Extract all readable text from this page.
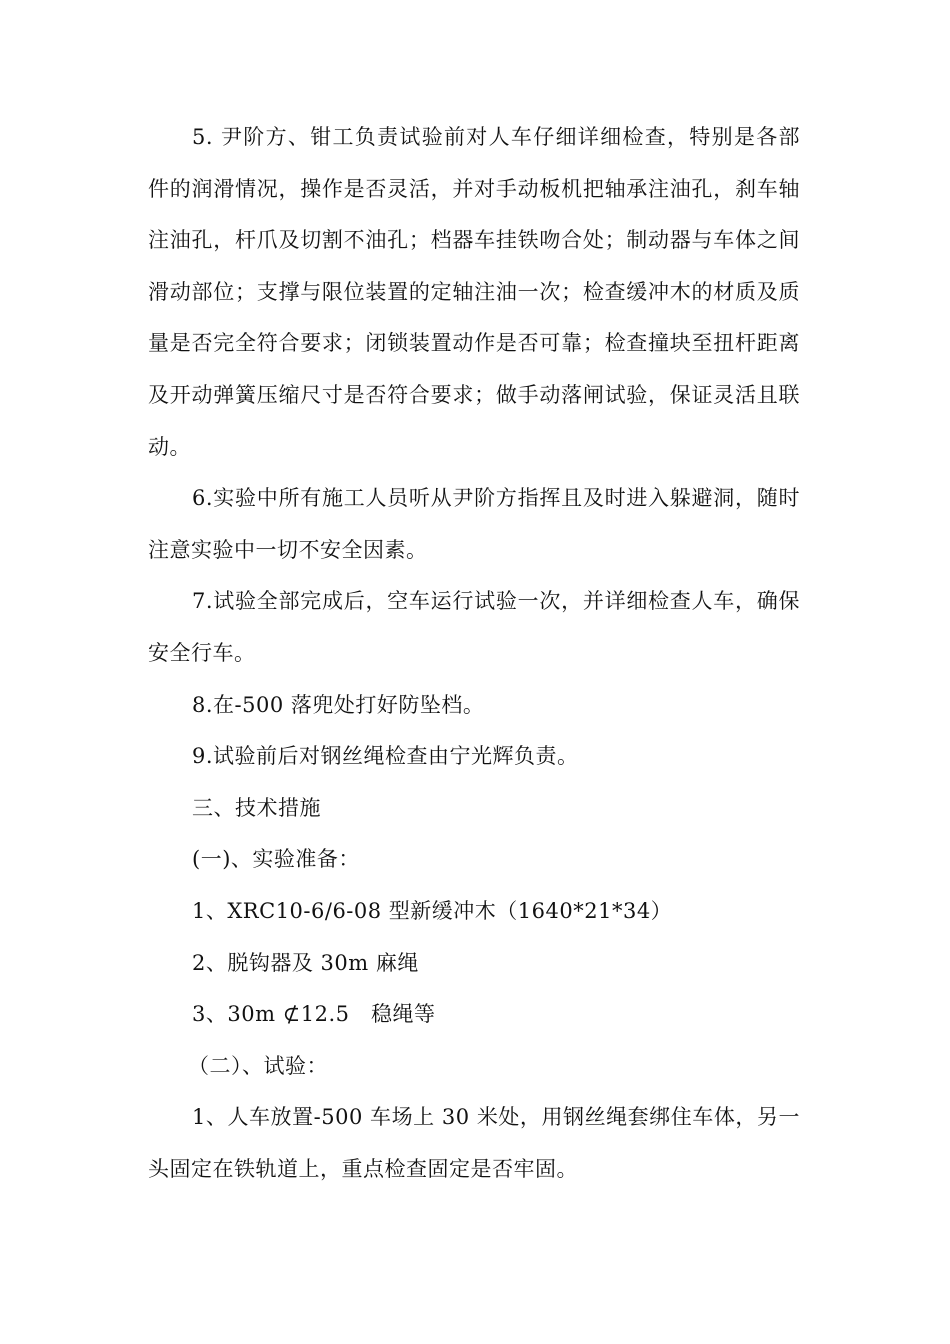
5. 尹阶方、钳工负责试验前对人车仔细详细检查，特别是各部件的润滑情况，操作是否灵活，并对手动板机把轴承注油孔，刹车轴注油孔，杆爪及切割不油孔；档器车挂铁吻合处；制动器与车体之间滑动部位；支撑与限位装置的定轴注油一次；检查缓冲木的材质及质量是否完全符合要求；闭锁装置动作是否可靠；检查撞块至扭杆距离及开动弹簧压缩尺寸是否符合要求；做手动落闸试验，保证灵活且联动。

6.实验中所有施工人员听从尹阶方指挥且及时进入躲避洞，随时注意实验中一切不安全因素。

7.试验全部完成后，空车运行试验一次，并详细检查人车，确保安全行车。

8.在-500 落兜处打好防坠档。

9.试验前后对钢丝绳检查由宁光辉负责。

三、技术措施

(一)、实验准备：

1、XRC10-6/6-08 型新缓冲木（1640*21*34）

2、脱钩器及 30m 麻绳

3、30m ⊄12.5　稳绳等

（二）、试验：

1、人车放置-500 车场上 30 米处，用钢丝绳套绑住车体，另一头固定在铁轨道上，重点检查固定是否牢固。
